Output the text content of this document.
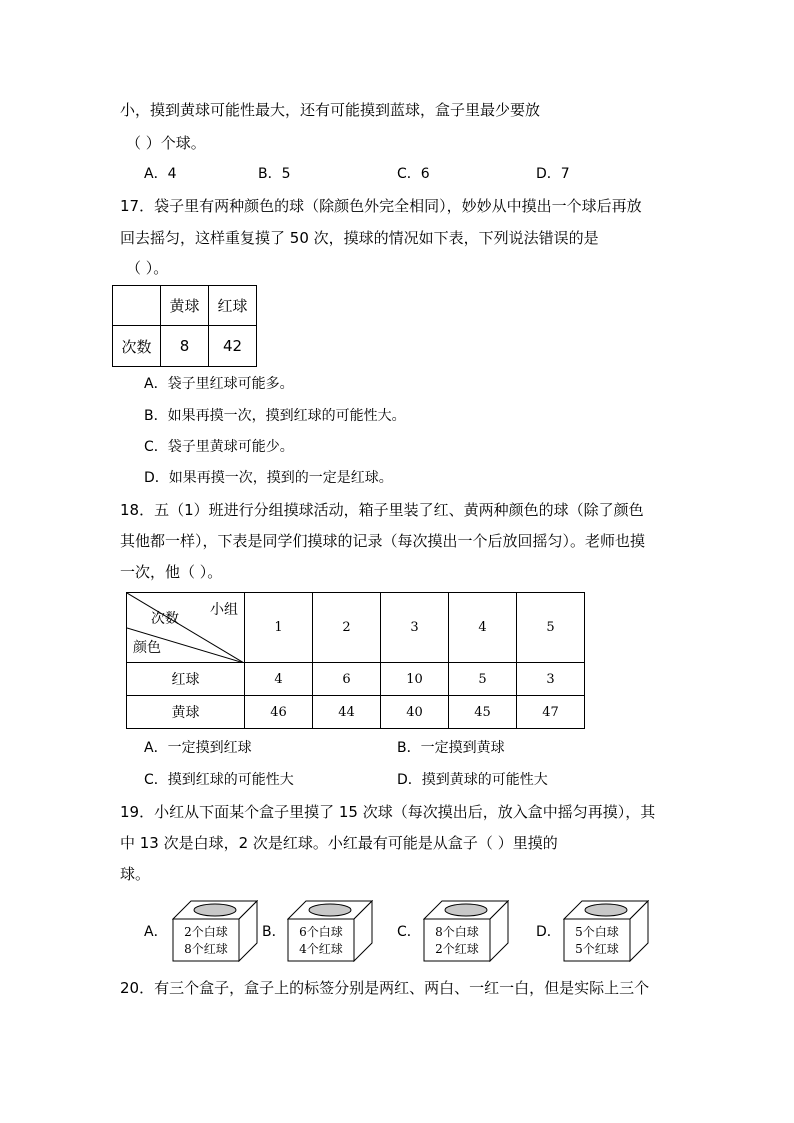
小，摸到黄球可能性最大，还有可能摸到蓝球，盒子里最少要放
（ ）个球。
A．4	B．5	C．6	D．7
17．袋子里有两种颜色的球（除颜色外完全相同），妙妙从中摸出一个球后再放
回去摇匀，这样重复摸了 50 次，摸球的情况如下表，下列说法错误的是
（ ）。
	黄球	红球
次数	8	42
A．袋子里红球可能多。
B．如果再摸一次，摸到红球的可能性大。
C．袋子里黄球可能少。
D．如果再摸一次，摸到的一定是红球。
18．五（1）班进行分组摸球活动，箱子里装了红、黄两种颜色的球（除了颜色
其他都一样），下表是同学们摸球的记录（每次摸出一个后放回摇匀）。老师也摸
一次，他（ ）。
小组
次数
颜色	1	2	3	4	5
红球	4	6	10	5	3
黄球	46	44	40	45	47
A．一定摸到红球	B．一定摸到黄球
C．摸到红球的可能性大	D．摸到黄球的可能性大
19．小红从下面某个盒子里摸了 15 次球（每次摸出后，放入盒中摇匀再摸），其
中 13 次是白球，2 次是红球。小红最有可能是从盒子（ ）里摸的
球。
A． 2个白球
8个红球
B． 6个白球
4个红球
C． 8个白球
2个红球
D． 5个白球
5个红球
20．有三个盒子，盒子上的标签分别是两红、两白、一红一白，但是实际上三个
